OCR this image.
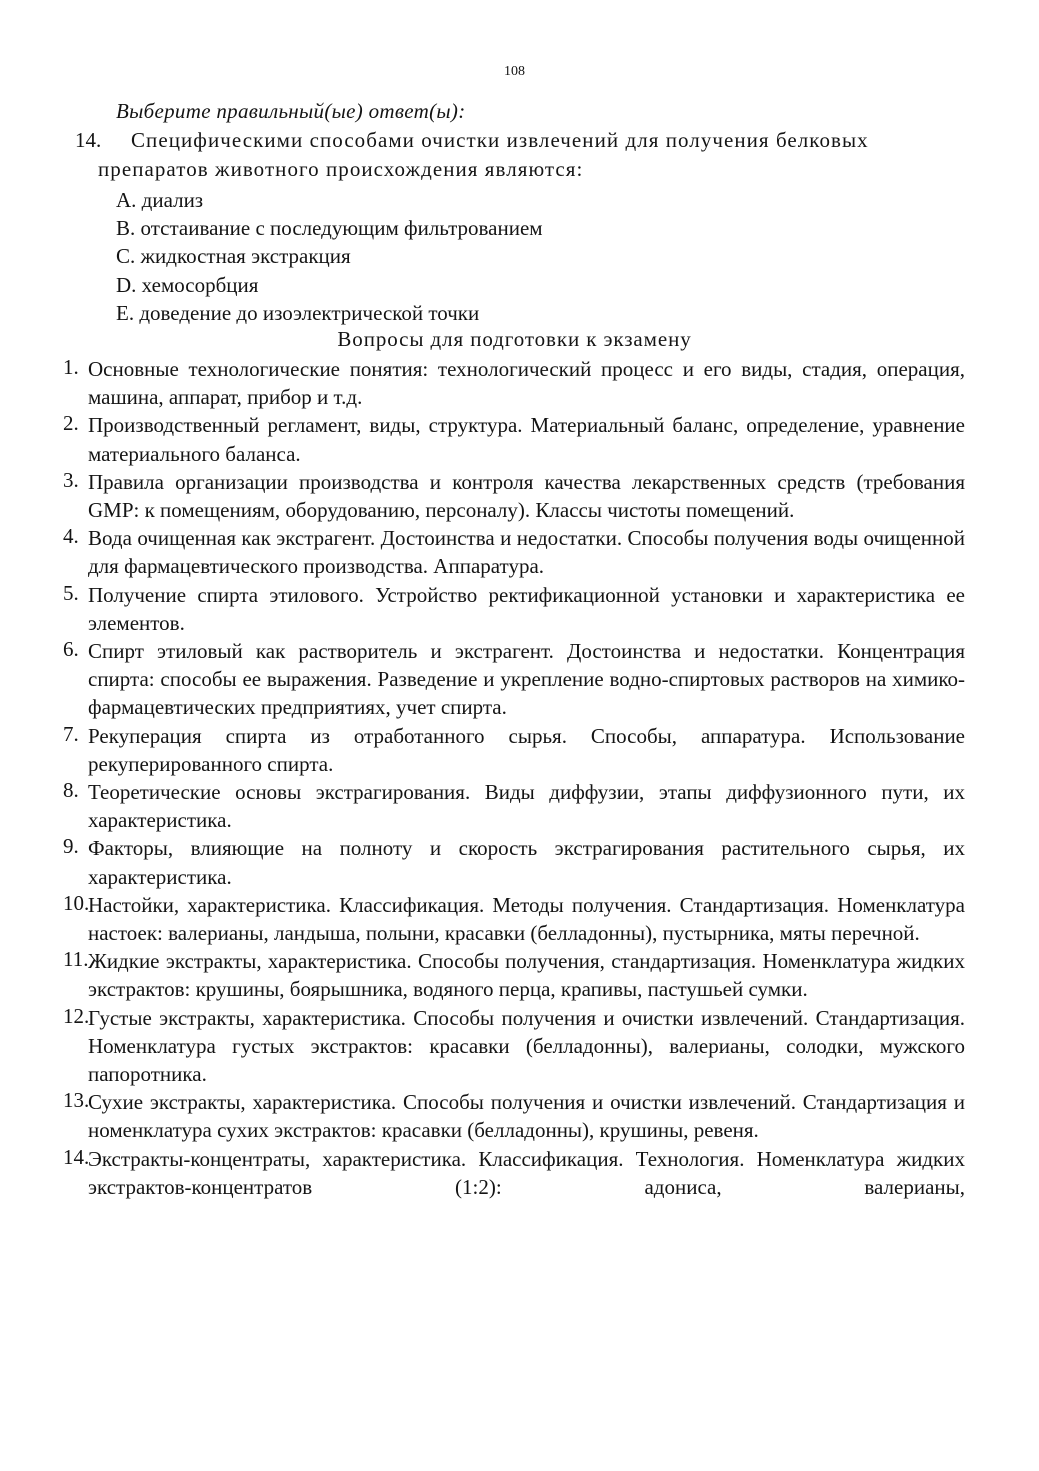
108
Выберите правильный(ые) ответ(ы):
14. Специфическими способами очистки извлечений для получения белковых
препаратов животного происхождения являются:
A. диализ
B. отстаивание с последующим фильтрованием
C. жидкостная экстракция
D. хемосорбция
E. доведение до изоэлектрической точки
Вопросы для подготовки к экзамену
1. Основные технологические понятия: технологический процесс и его виды, стадия, операция, машина, аппарат, прибор и т.д.
2. Производственный регламент, виды, структура. Материальный баланс, определение, уравнение материального баланса.
3. Правила организации производства и контроля качества лекарственных средств (требования GMP: к помещениям, оборудованию, персоналу). Классы чистоты помещений.
4. Вода очищенная как экстрагент. Достоинства и недостатки. Способы получения воды очищенной для фармацевтического производства. Аппаратура.
5. Получение спирта этилового. Устройство ректификационной установки и характеристика ее элементов.
6. Спирт этиловый как растворитель и экстрагент. Достоинства и недостатки. Концентрация спирта: способы ее выражения. Разведение и укрепление водно-спиртовых растворов на химико-фармацевтических предприятиях, учет спирта.
7. Рекуперация спирта из отработанного сырья. Способы, аппаратура. Использование рекуперированного спирта.
8. Теоретические основы экстрагирования. Виды диффузии, этапы диффузионного пути, их характеристика.
9. Факторы, влияющие на полноту и скорость экстрагирования растительного сырья, их характеристика.
10.
Настойки, характеристика. Классификация. Методы получения. Стандартизация. Номенклатура настоек: валерианы, ландыша, полыни, красавки (белладонны), пустырника, мяты перечной.
11. Жидкие экстракты, характеристика. Способы получения, стандартизация. Номенклатура жидких экстрактов: крушины, боярышника, водяного перца, крапивы, пастушьей сумки.
12.
Густые экстракты, характеристика. Способы получения и очистки извлечений. Стандартизация. Номенклатура густых экстрактов: красавки (белладонны), валерианы, солодки, мужского папоротника.
13.
Сухие экстракты, характеристика. Способы получения и очистки извлечений. Стандартизация и номенклатура сухих экстрактов: красавки (белладонны), крушины, ревеня.
14.
Экстракты-концентраты, характеристика. Классификация. Технология. Номенклатура жидких экстрактов-концентратов (1:2): адониса, валерианы,
